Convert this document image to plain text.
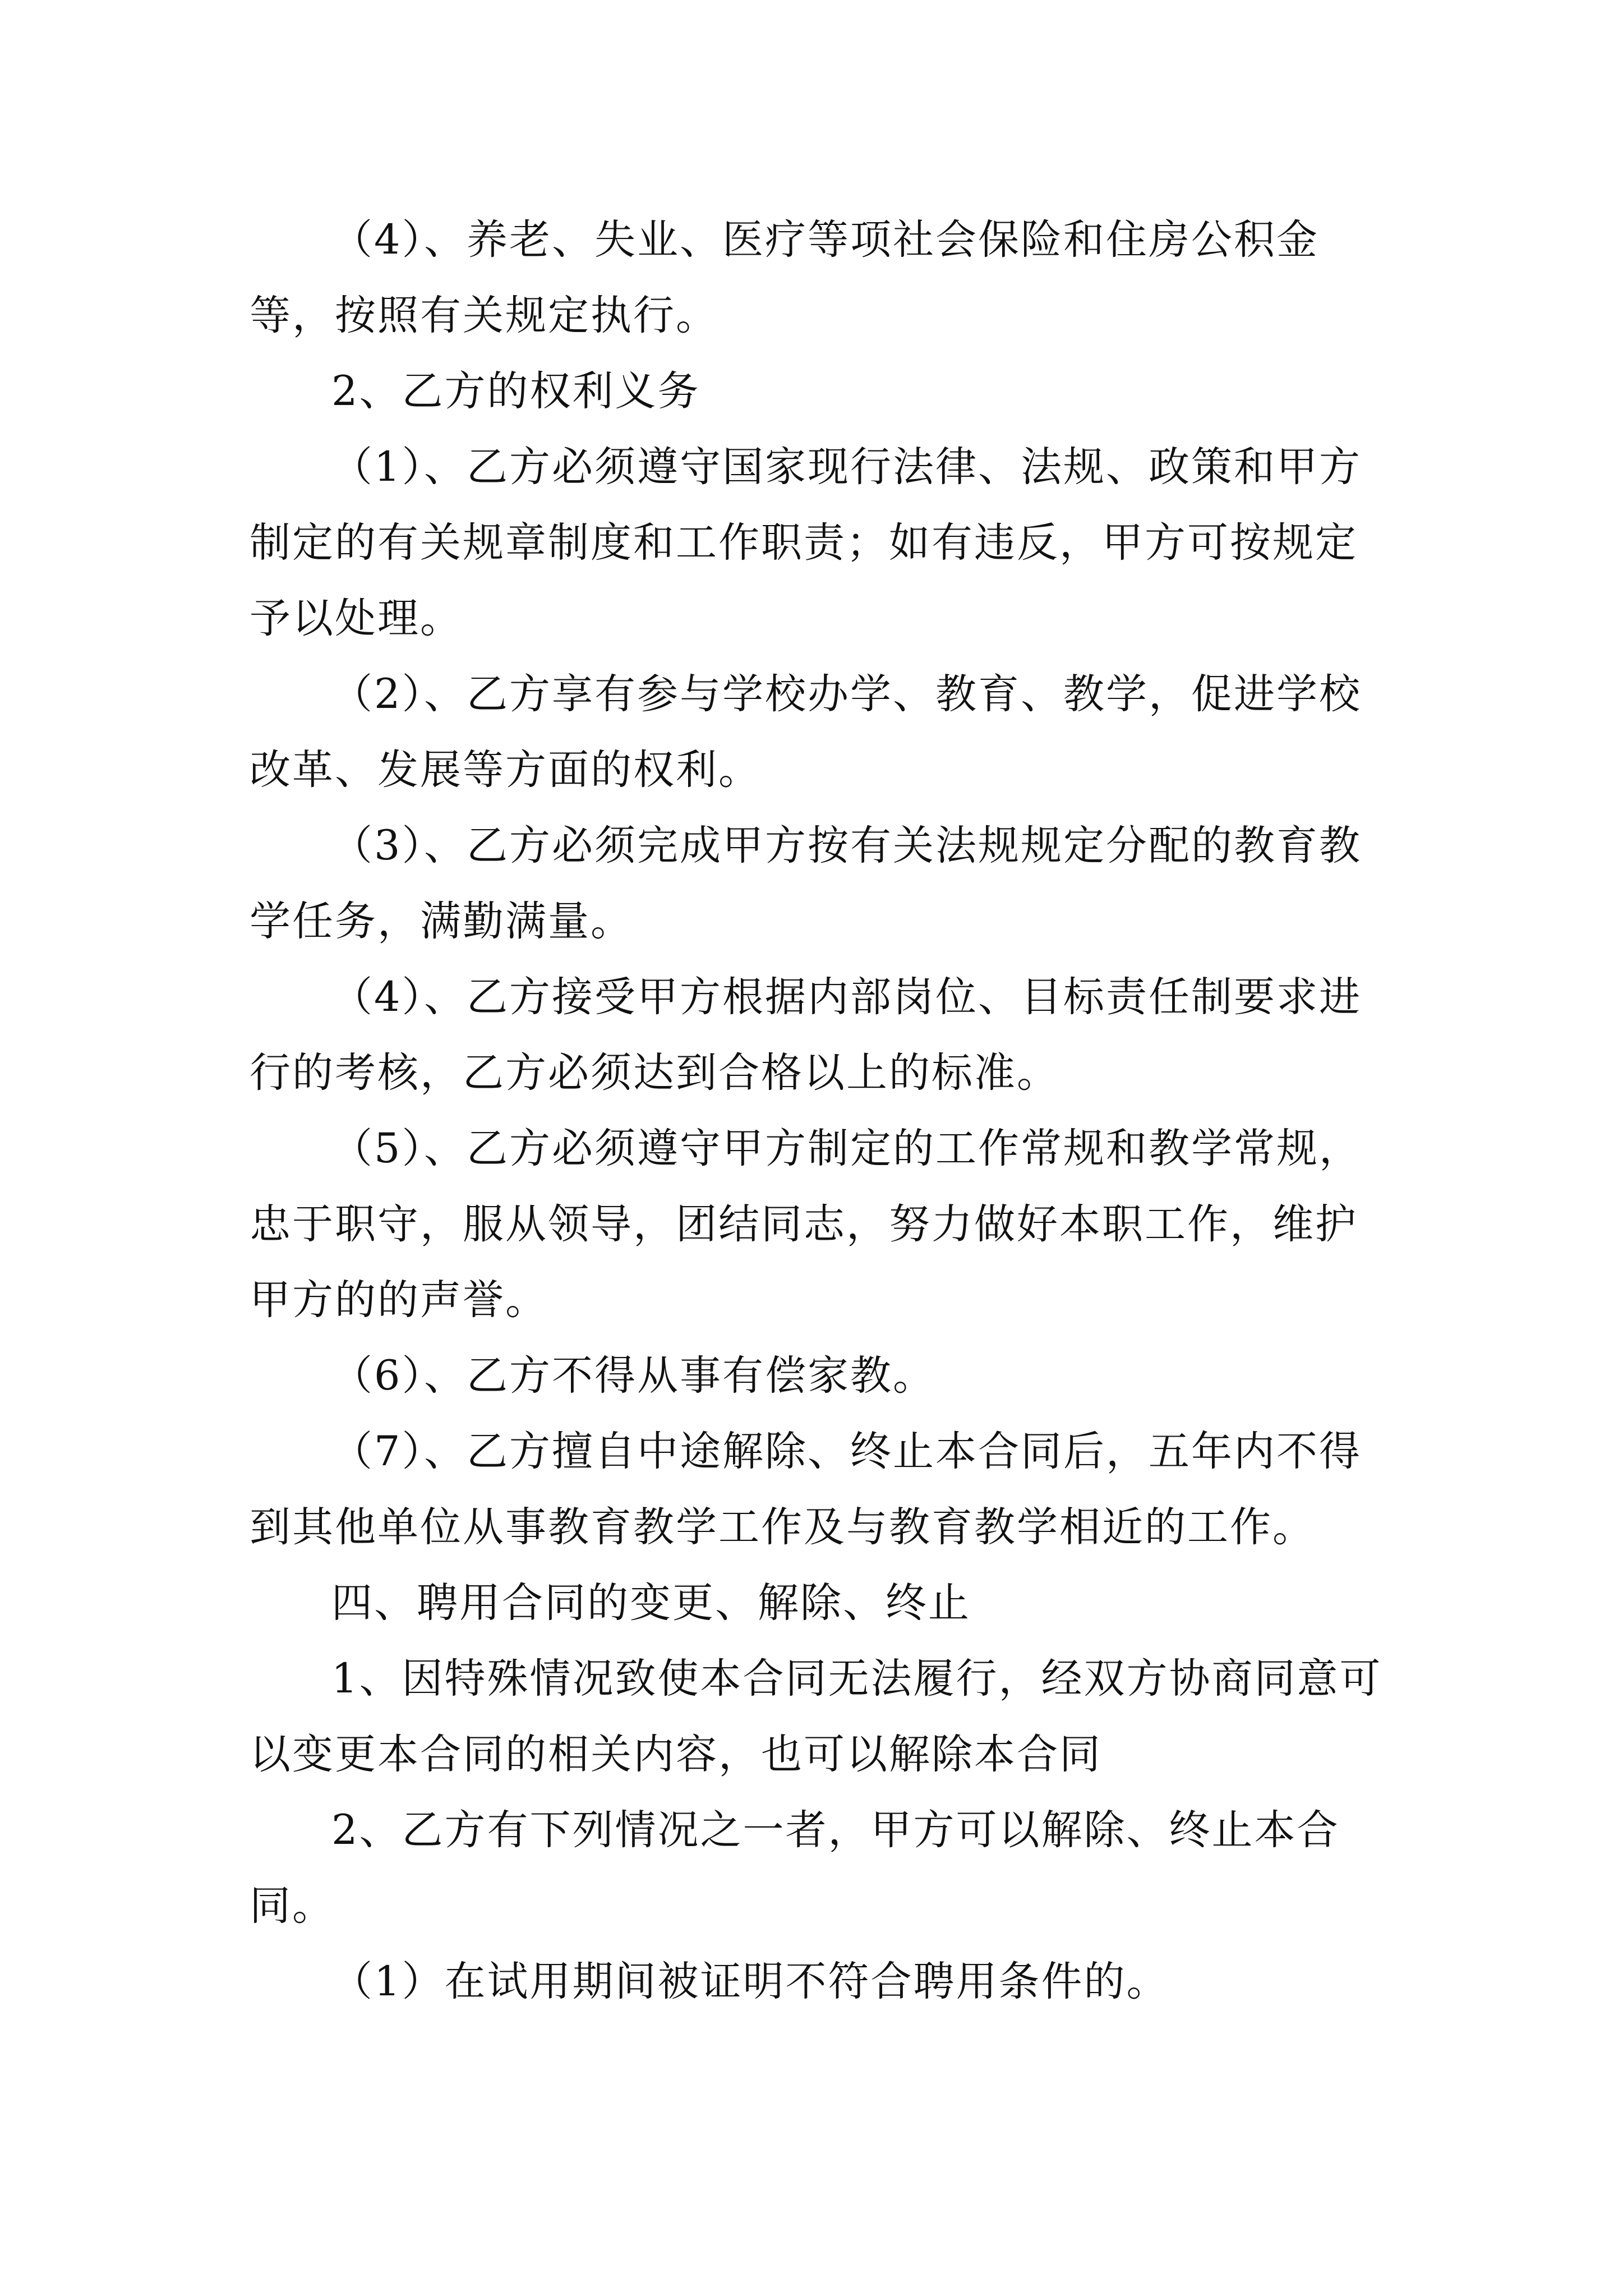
（4）、养老、失业、医疗等项社会保险和住房公积金等，按照有关规定执行。

2、乙方的权利义务

（1）、乙方必须遵守国家现行法律、法规、政策和甲方制定的有关规章制度和工作职责；如有违反，甲方可按规定予以处理。

（2）、乙方享有参与学校办学、教育、教学，促进学校改革、发展等方面的权利。

（3）、乙方必须完成甲方按有关法规规定分配的教育教学任务，满勤满量。

（4）、乙方接受甲方根据内部岗位、目标责任制要求进行的考核，乙方必须达到合格以上的标准。

（5）、乙方必须遵守甲方制定的工作常规和教学常规，忠于职守，服从领导，团结同志，努力做好本职工作，维护甲方的的声誉。

（6）、乙方不得从事有偿家教。

（7）、乙方擅自中途解除、终止本合同后，五年内不得到其他单位从事教育教学工作及与教育教学相近的工作。

四、聘用合同的变更、解除、终止

1、因特殊情况致使本合同无法履行，经双方协商同意可以变更本合同的相关内容，也可以解除本合同

2、乙方有下列情况之一者，甲方可以解除、终止本合同。

（1）在试用期间被证明不符合聘用条件的。
